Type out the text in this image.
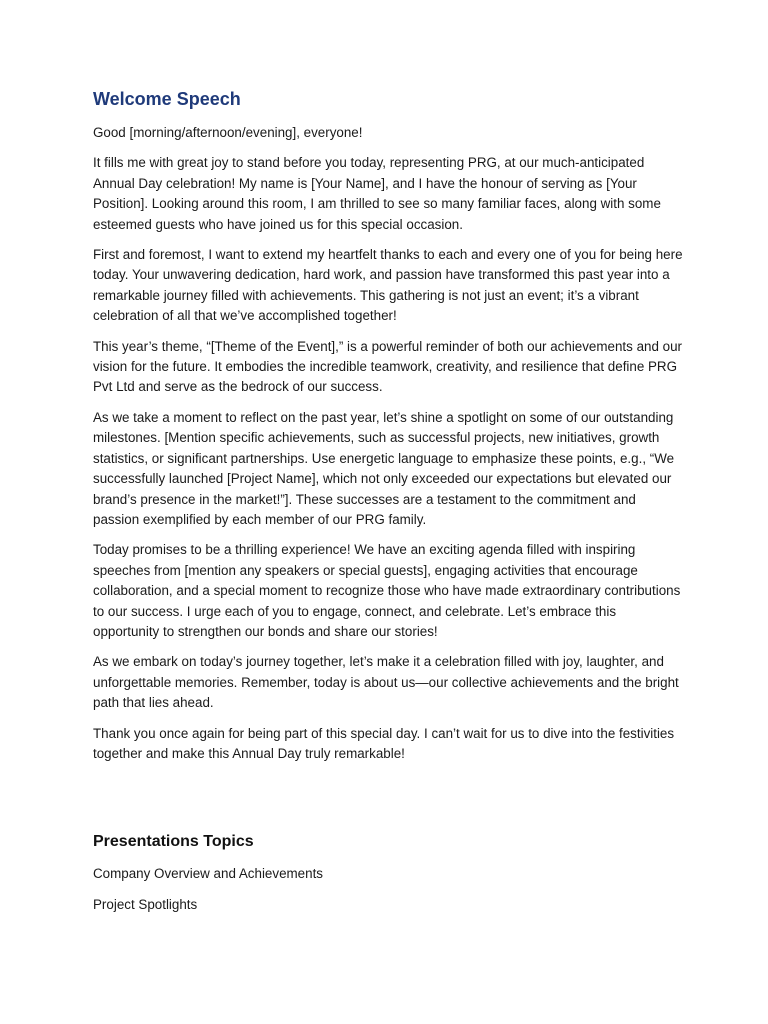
Welcome Speech

Good [morning/afternoon/evening], everyone!

It fills me with great joy to stand before you today, representing PRG, at our much-anticipated Annual Day celebration! My name is [Your Name], and I have the honour of serving as [Your Position]. Looking around this room, I am thrilled to see so many familiar faces, along with some esteemed guests who have joined us for this special occasion.

First and foremost, I want to extend my heartfelt thanks to each and every one of you for being here today. Your unwavering dedication, hard work, and passion have transformed this past year into a remarkable journey filled with achievements. This gathering is not just an event; it’s a vibrant celebration of all that we’ve accomplished together!

This year’s theme, “[Theme of the Event],” is a powerful reminder of both our achievements and our vision for the future. It embodies the incredible teamwork, creativity, and resilience that define PRG Pvt Ltd and serve as the bedrock of our success.

As we take a moment to reflect on the past year, let’s shine a spotlight on some of our outstanding milestones. [Mention specific achievements, such as successful projects, new initiatives, growth statistics, or significant partnerships. Use energetic language to emphasize these points, e.g., “We successfully launched [Project Name], which not only exceeded our expectations but elevated our brand’s presence in the market!”]. These successes are a testament to the commitment and passion exemplified by each member of our PRG family.

Today promises to be a thrilling experience! We have an exciting agenda filled with inspiring speeches from [mention any speakers or special guests], engaging activities that encourage collaboration, and a special moment to recognize those who have made extraordinary contributions to our success. I urge each of you to engage, connect, and celebrate. Let’s embrace this opportunity to strengthen our bonds and share our stories!

As we embark on today’s journey together, let’s make it a celebration filled with joy, laughter, and unforgettable memories. Remember, today is about us—our collective achievements and the bright path that lies ahead.

Thank you once again for being part of this special day. I can’t wait for us to dive into the festivities together and make this Annual Day truly remarkable!

Presentations Topics

Company Overview and Achievements

Project Spotlights
